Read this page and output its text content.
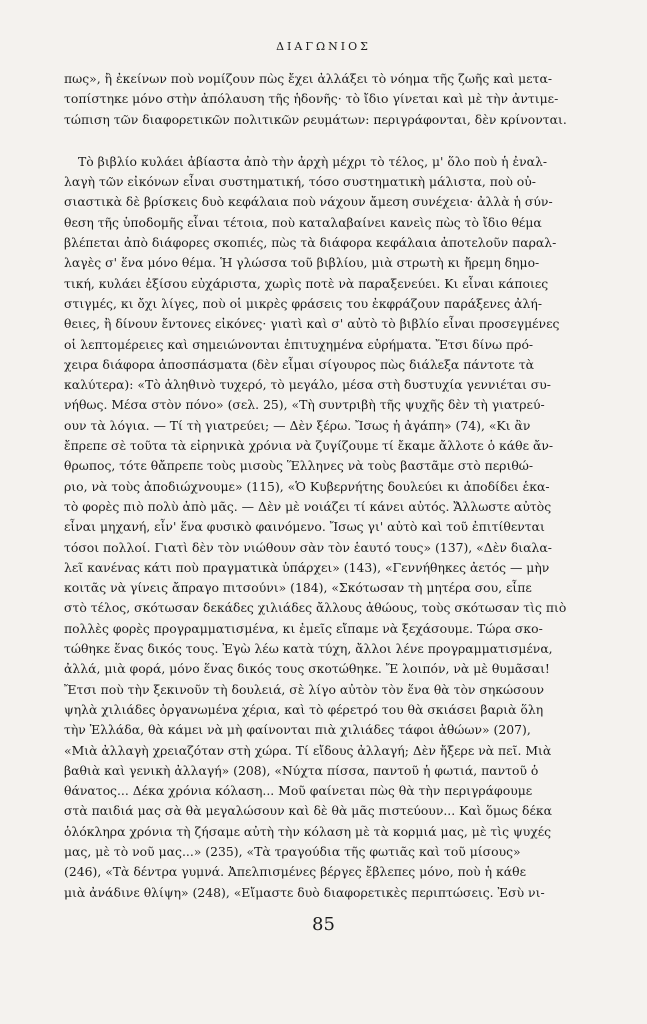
ΔΙΑΓΩΝΙΟΣ
πως», ἢ ἐκείνων ποὺ νομίζουν πὼς ἔχει ἀλλάξει τὸ νόημα τῆς ζωῆς καὶ μετα-
τοπίστηκε μόνο στὴν ἀπόλαυση τῆς ἡδονῆς· τὸ ἴδιο γίνεται καὶ μὲ τὴν ἀντιμε-
τώπιση τῶν διαφορετικῶν πολιτικῶν ρευμάτων: περιγράφονται, δὲν κρίνονται.
Τὸ βιβλίο κυλάει ἀβίαστα ἀπὸ τὴν ἀρχὴ μέχρι τὸ τέλος, μ' ὅλο ποὺ ἡ ἐναλ-
λαγὴ τῶν εἰκόνων εἶναι συστηματική, τόσο συστηματικὴ μάλιστα, ποὺ οὐ-
σιαστικὰ δὲ βρίσκεις δυὸ κεφάλαια ποὺ νάχουν ἄμεση συνέχεια· ἀλλὰ ἡ σύν-
θεση τῆς ὑποδομῆς εἶναι τέτοια, ποὺ καταλαβαίνει κανεὶς πὼς τὸ ἴδιο θέμα
βλέπεται ἀπὸ διάφορες σκοπιές, πὼς τὰ διάφορα κεφάλαια ἀποτελοῦν παραλ-
λαγὲς σ' ἕνα μόνο θέμα. Ἡ γλώσσα τοῦ βιβλίου, μιὰ στρωτὴ κι ἤρεμη δημο-
τική, κυλάει ἐξίσου εὐχάριστα, χωρὶς ποτὲ νὰ παραξενεύει. Κι εἶναι κάποιες
στιγμές, κι ὄχι λίγες, ποὺ οἱ μικρὲς φράσεις του ἐκφράζουν παράξενες ἀλή-
θειες, ἢ δίνουν ἔντονες εἰκόνες· γιατὶ καὶ σ' αὐτὸ τὸ βιβλίο εἶναι προσεγμένες
οἱ λεπτομέρειες καὶ σημειώνονται ἐπιτυχημένα εὑρήματα. Ἔτσι δίνω πρό-
χειρα διάφορα ἀποσπάσματα (δὲν εἶμαι σίγουρος πὼς διάλεξα πάντοτε τὰ
καλύτερα): «Τὸ ἀληθινὸ τυχερό, τὸ μεγάλο, μέσα στὴ δυστυχία γεννιέται συ-
νήθως. Μέσα στὸν πόνο» (σελ. 25), «Τὴ συντριβὴ τῆς ψυχῆς δὲν τὴ γιατρεύ-
ουν τὰ λόγια. — Τί τὴ γιατρεύει; — Δὲν ξέρω. Ἴσως ἡ ἀγάπη» (74), «Κι ἂν
ἔπρεπε σὲ τοῦτα τὰ εἰρηνικὰ χρόνια νὰ ζυγίζουμε τί ἔκαμε ἄλλοτε ὁ κάθε ἄν-
θρωπος, τότε θἄπρεπε τοὺς μισοὺς Ἕλληνες νὰ τοὺς βαστᾶμε στὸ περιθώ-
ριο, νὰ τοὺς ἀποδιώχνουμε» (115), «Ὁ Κυβερνήτης δουλεύει κι ἀποδίδει ἑκα-
τὸ φορὲς πιὸ πολὺ ἀπὸ μᾶς. — Δὲν μὲ νοιάζει τί κάνει αὐτός. Ἄλλωστε αὐτὸς
εἶναι μηχανή, εἶν' ἕνα φυσικὸ φαινόμενο. Ἴσως γι' αὐτὸ καὶ τοῦ ἐπιτίθενται
τόσοι πολλοί. Γιατὶ δὲν τὸν νιώθουν σὰν τὸν ἑαυτό τους» (137), «Δὲν διαλα-
λεῖ κανένας κάτι ποὺ πραγματικὰ ὑπάρχει» (143), «Γεννήθηκες ἀετός — μὴν
κοιτᾶς νὰ γίνεις ἄπραγο πιτσούνι» (184), «Σκότωσαν τὴ μητέρα σου, εἶπε
στὸ τέλος, σκότωσαν δεκάδες χιλιάδες ἄλλους ἀθώους, τοὺς σκότωσαν τὶς πιὸ
πολλὲς φορὲς προγραμματισμένα, κι ἐμεῖς εἴπαμε νὰ ξεχάσουμε. Τώρα σκο-
τώθηκε ἕνας δικός τους. Ἐγὼ λέω κατὰ τύχη, ἄλλοι λένε προγραμματισμένα,
ἀλλά, μιὰ φορά, μόνο ἕνας δικός τους σκοτώθηκε. Ἔ λοιπόν, νὰ μὲ θυμᾶσαι!
Ἔτσι ποὺ τὴν ξεκινοῦν τὴ δουλειά, σὲ λίγο αὐτὸν τὸν ἕνα θὰ τὸν σηκώσουν
ψηλὰ χιλιάδες ὀργανωμένα χέρια, καὶ τὸ φέρετρό του θὰ σκιάσει βαριὰ ὅλη
τὴν Ἑλλάδα, θὰ κάμει νὰ μὴ φαίνονται πιὰ χιλιάδες τάφοι ἀθώων» (207),
«Μιὰ ἀλλαγὴ χρειαζόταν στὴ χώρα. Τί εἴδους ἀλλαγή; Δὲν ἤξερε νὰ πεῖ. Μιὰ
βαθιὰ καὶ γενικὴ ἀλλαγή» (208), «Νύχτα πίσσα, παντοῦ ἡ φωτιά, παντοῦ ὁ
θάνατος... Δέκα χρόνια κόλαση... Μοῦ φαίνεται πὼς θὰ τὴν περιγράφουμε
στὰ παιδιά μας σὰ θὰ μεγαλώσουν καὶ δὲ θὰ μᾶς πιστεύουν... Καὶ ὅμως δέκα
ὁλόκληρα χρόνια τὴ ζήσαμε αὐτὴ τὴν κόλαση μὲ τὰ κορμιά μας, μὲ τὶς ψυχές
μας, μὲ τὸ νοῦ μας...» (235), «Τὰ τραγούδια τῆς φωτιᾶς καὶ τοῦ μίσους»
(246), «Τὰ δέντρα γυμνά. Ἀπελπισμένες βέργες ἔβλεπες μόνο, ποὺ ἡ κάθε
μιὰ ἀνάδινε θλίψη» (248), «Εἴμαστε δυὸ διαφορετικὲς περιπτώσεις. Ἐσὺ νι-
85
